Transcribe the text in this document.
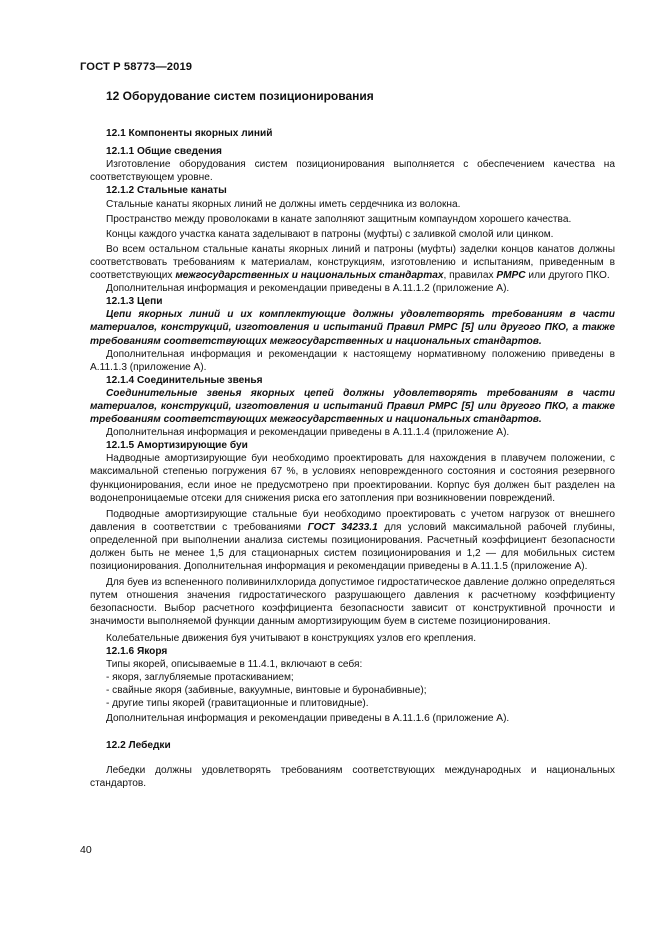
ГОСТ Р 58773—2019
12 Оборудование систем позиционирования
12.1 Компоненты якорных линий
12.1.1 Общие сведения
Изготовление оборудования систем позиционирования выполняется с обеспечением качества на соответствующем уровне.
12.1.2 Стальные канаты
Стальные канаты якорных линий не должны иметь сердечника из волокна.
Пространство между проволоками в канате заполняют защитным компаундом хорошего качества.
Концы каждого участка каната заделывают в патроны (муфты) с заливкой смолой или цинком.
Во всем остальном стальные канаты якорных линий и патроны (муфты) заделки концов канатов должны соответствовать требованиям к материалам, конструкциям, изготовлению и испытаниям, приведенным в соответствующих межгосударственных и национальных стандартах, правилах РМРС или другого ПКО.
Дополнительная информация и рекомендации приведены в А.11.1.2 (приложение А).
12.1.3 Цепи
Цепи якорных линий и их комплектующие должны удовлетворять требованиям в части материалов, конструкций, изготовления и испытаний Правил РМРС [5] или другого ПКО, а также требованиям соответствующих межгосударственных и национальных стандартов.
Дополнительная информация и рекомендации к настоящему нормативному положению приведены в А.11.1.3 (приложение А).
12.1.4 Соединительные звенья
Соединительные звенья якорных цепей должны удовлетворять требованиям в части материалов, конструкций, изготовления и испытаний Правил РМРС [5] или другого ПКО, а также требованиям соответствующих межгосударственных и национальных стандартов.
Дополнительная информация и рекомендации приведены в А.11.1.4 (приложение А).
12.1.5 Амортизирующие буи
Надводные амортизирующие буи необходимо проектировать для нахождения в плавучем положении, с максимальной степенью погружения 67 %, в условиях неповрежденного состояния и состояния резервного функционирования, если иное не предусмотрено при проектировании. Корпус буя должен быт разделен на водонепроницаемые отсеки для снижения риска его затопления при возникновении повреждений.
Подводные амортизирующие стальные буи необходимо проектировать с учетом нагрузок от внешнего давления в соответствии с требованиями ГОСТ 34233.1 для условий максимальной рабочей глубины, определенной при выполнении анализа системы позиционирования. Расчетный коэффициент безопасности должен быть не менее 1,5 для стационарных систем позиционирования и 1,2 — для мобильных систем позиционирования. Дополнительная информация и рекомендации приведены в А.11.1.5 (приложение А).
Для буев из вспененного поливинилхлорида допустимое гидростатическое давление должно определяться путем отношения значения гидростатического разрушающего давления к расчетному коэффициенту безопасности. Выбор расчетного коэффициента безопасности зависит от конструктивной прочности и значимости выполняемой функции данным амортизирующим буем в системе позиционирования.
Колебательные движения буя учитывают в конструкциях узлов его крепления.
12.1.6 Якоря
Типы якорей, описываемые в 11.4.1, включают в себя:
- якоря, заглубляемые протаскиванием;
- свайные якоря (забивные, вакуумные, винтовые и буронабивные);
- другие типы якорей (гравитационные и плитовидные).
Дополнительная информация и рекомендации приведены в А.11.1.6 (приложение А).
12.2 Лебедки
Лебедки должны удовлетворять требованиям соответствующих международных и национальных стандартов.
40
